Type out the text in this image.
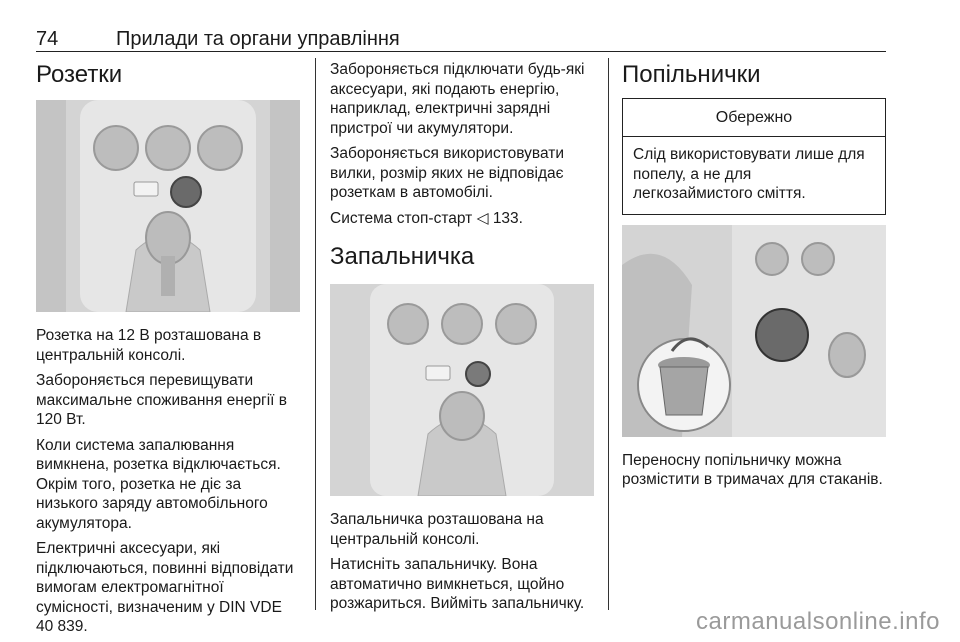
74	Прилади та органи управління
Розетки

Розетка на 12 В розташована в центральній консолі.

Забороняється перевищувати максимальне споживання енергії в 120 Вт.

Коли система запалювання вимкнена, розетка відключається. Окрім того, розетка не діє за низького заряду автомобільного акумулятора.

Електричні аксесуари, які підключаються, повинні відповідати вимогам електромагнітної сумісності, визначеним у DIN VDE 40 839.

Забороняється підключати будь-які аксесуари, які подають енергію, наприклад, електричні зарядні пристрої чи акумулятори.

Забороняється використовувати вилки, розмір яких не відповідає розеткам в автомобілі.

Система стоп-старт ◁ 133.

Запальничка

Запальничка розташована на центральній консолі.

Натисніть запальничку. Вона автоматично вимкнеться, щойно розжариться. Вийміть запальничку.

Попільнички
Обережно
Слід використовувати лише для попелу, а не для легкозаймистого сміття.

Переносну попільничку можна розмістити в тримачах для стаканів.

carmanualsonline.info
